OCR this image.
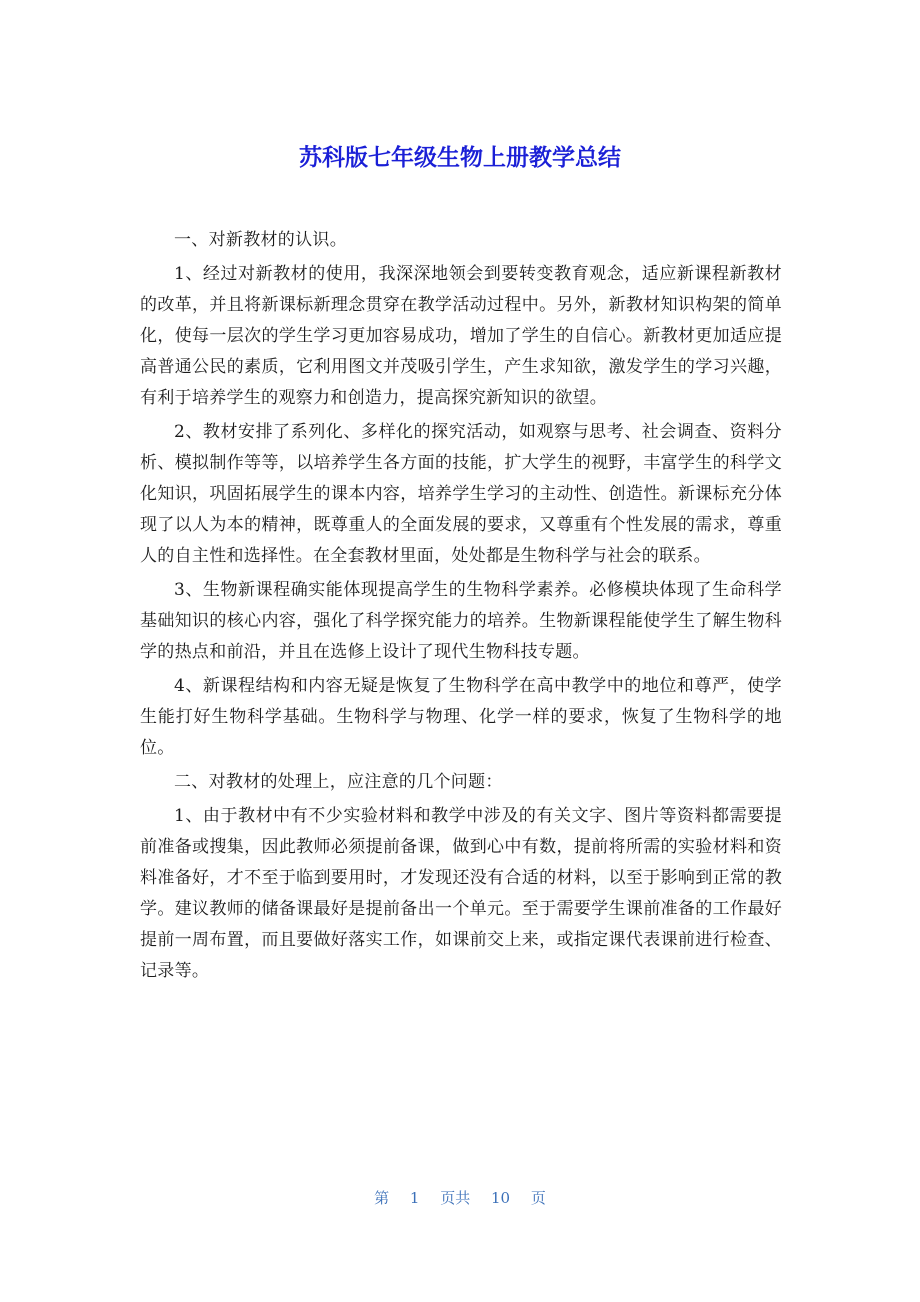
苏科版七年级生物上册教学总结

一、对新教材的认识。

1、经过对新教材的使用，我深深地领会到要转变教育观念，适应新课程新教材的改革，并且将新课标新理念贯穿在教学活动过程中。另外，新教材知识构架的简单化，使每一层次的学生学习更加容易成功，增加了学生的自信心。新教材更加适应提高普通公民的素质，它利用图文并茂吸引学生，产生求知欲，激发学生的学习兴趣，有利于培养学生的观察力和创造力，提高探究新知识的欲望。

2、教材安排了系列化、多样化的探究活动，如观察与思考、社会调查、资料分析、模拟制作等等，以培养学生各方面的技能，扩大学生的视野，丰富学生的科学文化知识，巩固拓展学生的课本内容，培养学生学习的主动性、创造性。新课标充分体现了以人为本的精神，既尊重人的全面发展的要求，又尊重有个性发展的需求，尊重人的自主性和选择性。在全套教材里面，处处都是生物科学与社会的联系。

3、生物新课程确实能体现提高学生的生物科学素养。必修模块体现了生命科学基础知识的核心内容，强化了科学探究能力的培养。生物新课程能使学生了解生物科学的热点和前沿，并且在选修上设计了现代生物科技专题。

4、新课程结构和内容无疑是恢复了生物科学在高中教学中的地位和尊严，使学生能打好生物科学基础。生物科学与物理、化学一样的要求，恢复了生物科学的地位。

二、对教材的处理上，应注意的几个问题：

1、由于教材中有不少实验材料和教学中涉及的有关文字、图片等资料都需要提前准备或搜集，因此教师必须提前备课，做到心中有数，提前将所需的实验材料和资料准备好，才不至于临到要用时，才发现还没有合适的材料，以至于影响到正常的教学。建议教师的储备课最好是提前备出一个单元。至于需要学生课前准备的工作最好提前一周布置，而且要做好落实工作，如课前交上来，或指定课代表课前进行检查、记录等。

第 1 页共 10 页
